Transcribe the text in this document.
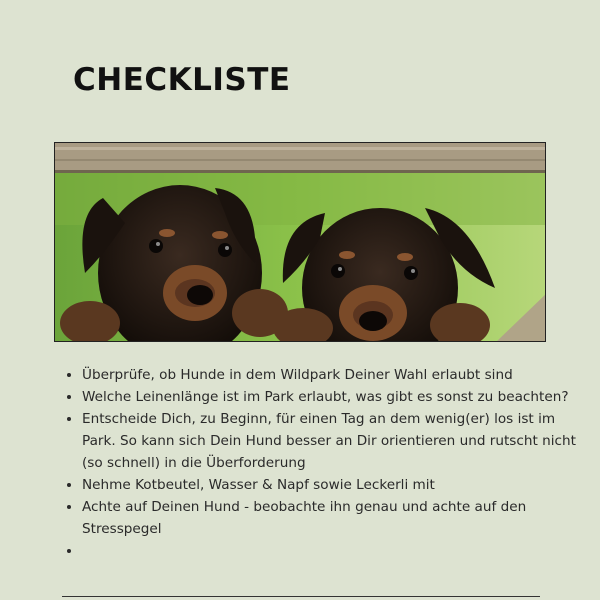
CHECKLISTE
• Überprüfe, ob Hunde in dem Wildpark Deiner Wahl erlaubt sind
• Welche Leinenlänge ist im Park erlaubt, was gibt es sonst zu beachten?
• Entscheide Dich, zu Beginn, für einen Tag an dem wenig(er) los ist im Park. So kann sich Dein Hund besser an Dir orientieren und rutscht nicht (so schnell) in die Überforderung
• Nehme Kotbeutel, Wasser & Napf sowie Leckerli mit
• Achte auf Deinen Hund - beobachte ihn genau und achte auf den Stresspegel
•
